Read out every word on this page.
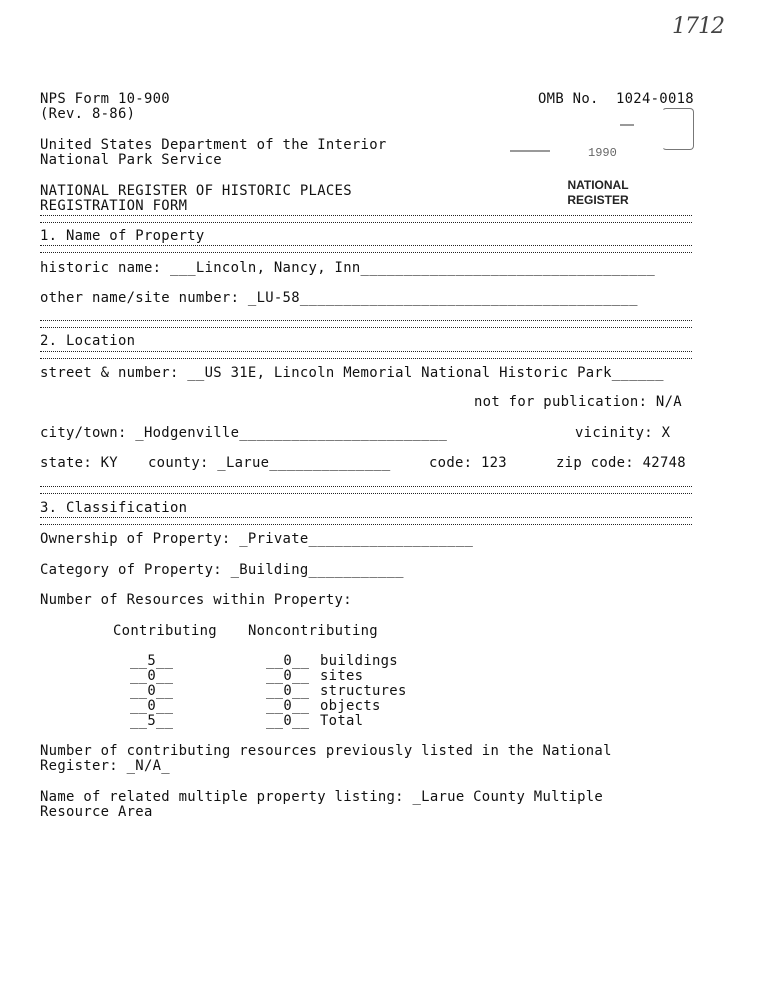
1712
NPS Form 10-900
(Rev. 8-86)
OMB No.  1024-0018
United States Department of the Interior
National Park Service
NATIONAL REGISTER OF HISTORIC PLACES
REGISTRATION FORM
1990
NATIONAL
REGISTER
1. Name of Property
historic name: ___Lincoln, Nancy, Inn__________________________________
other name/site number: _LU-58_______________________________________
2. Location
street & number: __US 31E, Lincoln Memorial National Historic Park______
not for publication: N/A
city/town: _Hodgenville________________________	vicinity: X
state: KY county: _Larue______________	code: 123	zip code: 42748
3. Classification
Ownership of Property: _Private___________________
Category of Property: _Building___________
Number of Resources within Property:
Contributing Noncontributing
__5__	__0__ buildings
__0__	__0__ sites
__0__	__0__ structures
__0__	__0__ objects
__5__	__0__ Total
Number of contributing resources previously listed in the National
Register: _N/A_
Name of related multiple property listing: _Larue County Multiple
Resource Area
